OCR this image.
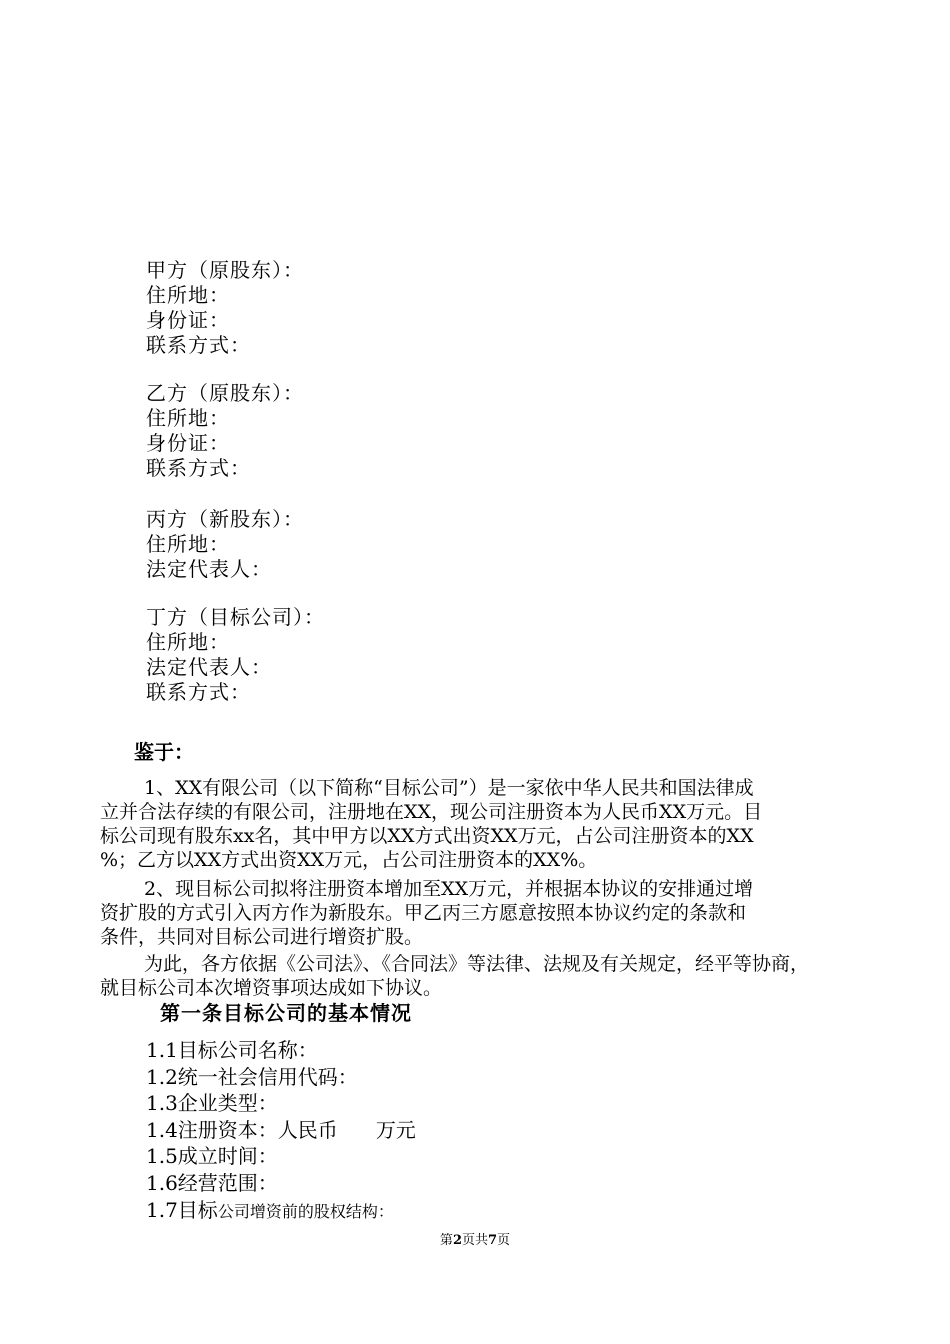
甲方（原股东）：
住所地：
身份证：
联系方式：
乙方（原股东）：
住所地：
身份证：
联系方式：
丙方（新股东）：
住所地：
法定代表人：
丁方（目标公司）：
住所地：
法定代表人：
联系方式：
鉴于：
1、XX有限公司（以下简称“目标公司”）是一家依中华人民共和国法律成
立并合法存续的有限公司，注册地在XX，现公司注册资本为人民币XX万元。目
标公司现有股东xx名，其中甲方以XX方式出资XX万元，占公司注册资本的XX
%；乙方以XX方式出资XX万元，占公司注册资本的XX%。
2、现目标公司拟将注册资本增加至XX万元，并根据本协议的安排通过增
资扩股的方式引入丙方作为新股东。甲乙丙三方愿意按照本协议约定的条款和
条件，共同对目标公司进行增资扩股。
为此，各方依据《公司法》、《合同法》等法律、法规及有关规定，经平等协商，
就目标公司本次增资事项达成如下协议。
第一条目标公司的基本情况
1.1目标公司名称：
1.2统一社会信用代码：
1.3企业类型：
1.4注册资本：人民币 万元
1.5成立时间：
1.6经营范围：
1.7目标公司增资前的股权结构：
第2页共7页
